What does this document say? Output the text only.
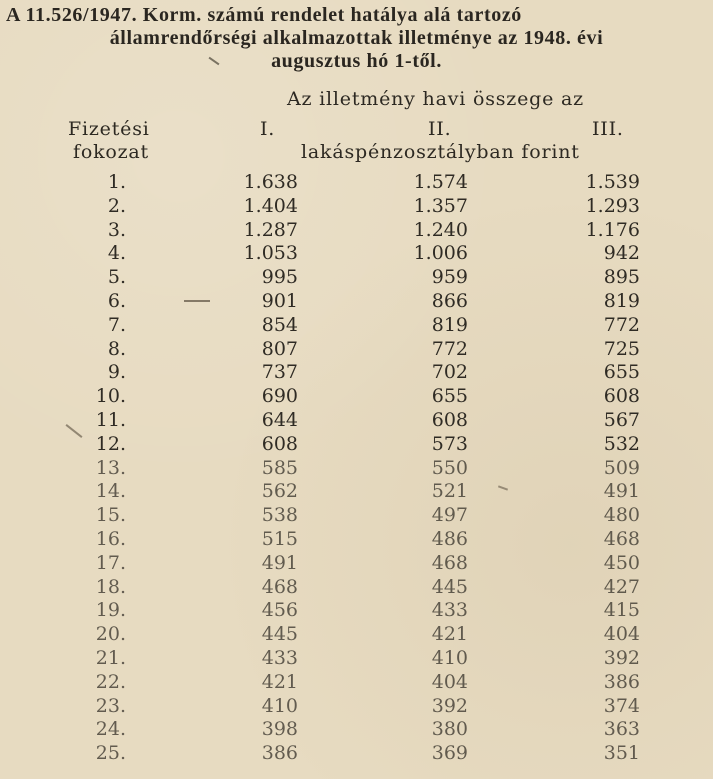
A 11.526/1947. Korm. számú rendelet hatálya alá tartozó
államrendőrségi alkalmazottak illetménye az 1948. évi
augusztus hó 1-től.
Az illetmény havi összege az
Fizetési
fokozat
I.	II.	III.
lakáspénzosztályban forint
1.	1.638	1.574	1.539
2.	1.404	1.357	1.293
3.	1.287	1.240	1.176
4.	1.053	1.006	942
5.	995	959	895
6.	901	866	819
7.	854	819	772
8.	807	772	725
9.	737	702	655
10.	690	655	608
11.	644	608	567
12.	608	573	532
13.	585	550	509
14.	562	521	491
15.	538	497	480
16.	515	486	468
17.	491	468	450
18.	468	445	427
19.	456	433	415
20.	445	421	404
21.	433	410	392
22.	421	404	386
23.	410	392	374
24.	398	380	363
25.	386	369	351
